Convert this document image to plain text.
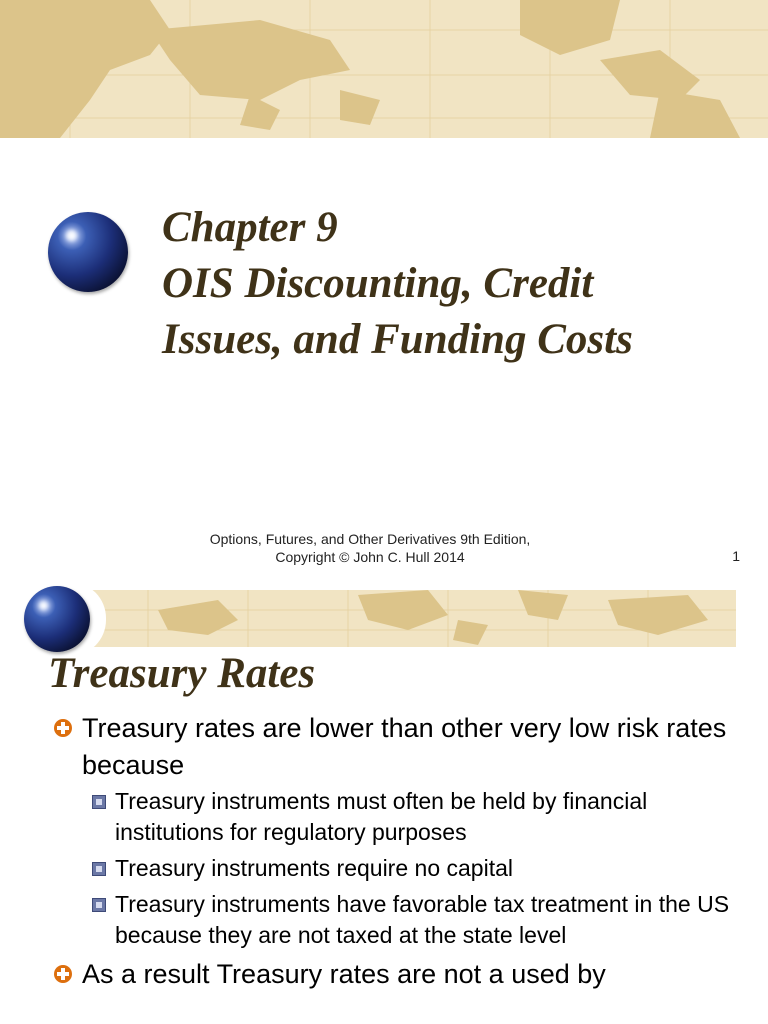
Chapter 9
OIS Discounting, Credit
Issues, and Funding Costs
Options, Futures, and Other Derivatives 9th Edition,
Copyright © John C. Hull 2014	1
Treasury Rates
Treasury rates are lower than other very low risk rates because
Treasury instruments must often be held by financial institutions for regulatory purposes
Treasury instruments require no capital
Treasury instruments have favorable tax treatment in the US because they are not taxed at the state level
As a result Treasury rates are not a used by
